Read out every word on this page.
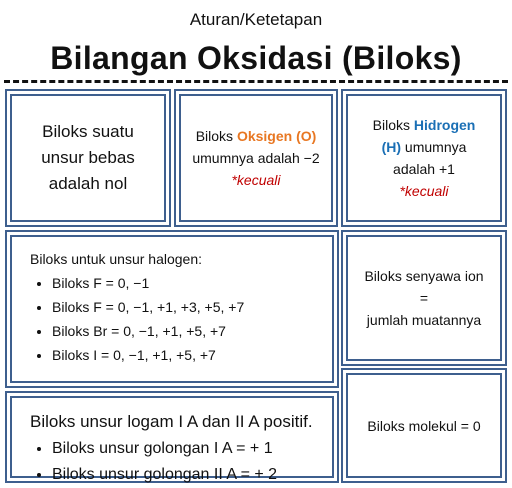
Aturan/Ketetapan
Bilangan Oksidasi (Biloks)
Biloks suatu
unsur bebas
adalah nol
Biloks Oksigen (O)
umumnya adalah −2
*kecuali
Biloks Hidrogen
(H) umumnya
adalah +1
*kecuali
Biloks untuk unsur halogen:
• Biloks F = 0, −1
• Biloks F = 0, −1, +1, +3, +5, +7
• Biloks Br = 0, −1, +1, +5, +7
• Biloks I = 0, −1, +1, +5, +7
Biloks senyawa ion
=
jumlah muatannya
Biloks molekul = 0
Biloks unsur logam I A dan II A positif.
• Biloks unsur golongan I A = + 1
• Biloks unsur golongan II A = + 2
